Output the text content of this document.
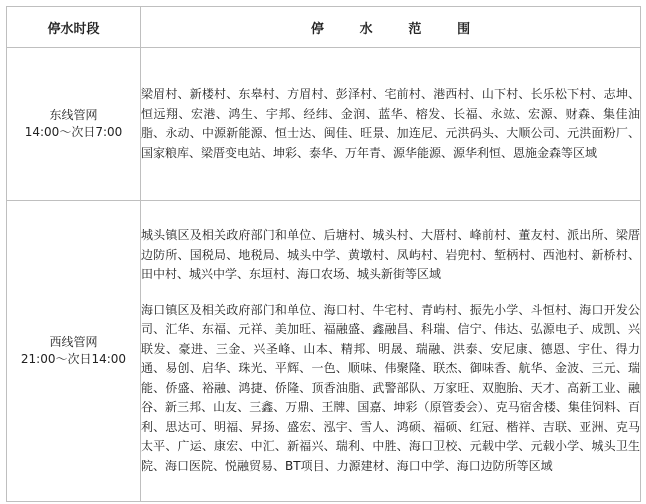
停水时段	停 水 范 围

东线管网
14:00～次日7:00	梁眉村、新楼村、东皋村、方眉村、彭泽村、宅前村、港西村、山下村、长乐松下村、志坤、恒远翔、宏港、鸿生、宇邦、经纬、金润、蓝华、榕发、长福、永竑、宏源、财森、集佳油脂、永动、中源新能源、恒士达、闽佳、旺景、加连尼、元洪码头、大顺公司、元洪面粉厂、国家粮库、梁厝变电站、坤彩、泰华、万年青、源华能源、源华利恒、恩施金森等区域

西线管网
21:00～次日14:00	城头镇区及相关政府部门和单位、后塘村、城头村、大厝村、峰前村、董友村、派出所、梁厝边防所、国税局、地税局、城头中学、黄墩村、凤屿村、岩兜村、堑柄村、西池村、新桥村、田中村、城兴中学、东垣村、海口农场、城头新街等区域
海口镇区及相关政府部门和单位、海口村、牛宅村、青屿村、振先小学、斗恒村、海口开发公司、汇华、东福、元祥、美加旺、福融盛、鑫融昌、科瑞、信宁、伟达、弘源电子、成凯、兴联发、豪进、三金、兴圣峰、山本、精邦、明晟、瑞融、洪泰、安尼康、德恩、宇仕、得力通、易创、启华、珠光、平辉、一色、顺味、伟聚隆、联杰、御味香、航华、金波、三元、瑞能、侨盛、裕融、鸿捷、侨隆、顶香油脂、武警部队、万家旺、双胞胎、天才、高新工业、融谷、新三邦、山友、三鑫、万鼎、王牌、国嘉、坤彩（原管委会）、克马宿舍楼、集佳饲料、百利、思达可、明福、昇扬、盛宏、泓宇、雪人、鸿硕、福硕、红冠、楷祥、吉联、亚洲、克马太平、广运、康宏、中汇、新福兴、瑞利、中胜、海口卫校、元载中学、元载小学、城头卫生院、海口医院、悦融贸易、BT项目、力源建材、海口中学、海口边防所等区域
